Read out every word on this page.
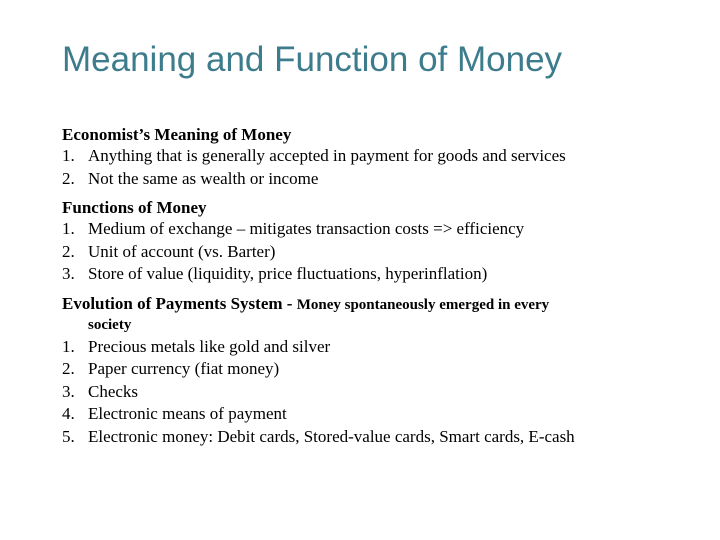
Meaning and Function of Money
Economist’s Meaning of Money
1. Anything that is generally accepted in payment for goods and services
2. Not the same as wealth or income
Functions of Money
1. Medium of exchange – mitigates transaction costs => efficiency
2. Unit of account (vs. Barter)
3. Store of value (liquidity, price fluctuations, hyperinflation)
Evolution of Payments System - Money spontaneously emerged in every
society
1. Precious metals like gold and silver
2. Paper currency (fiat money)
3. Checks
4. Electronic means of payment
5. Electronic money: Debit cards, Stored-value cards, Smart cards, E-cash
